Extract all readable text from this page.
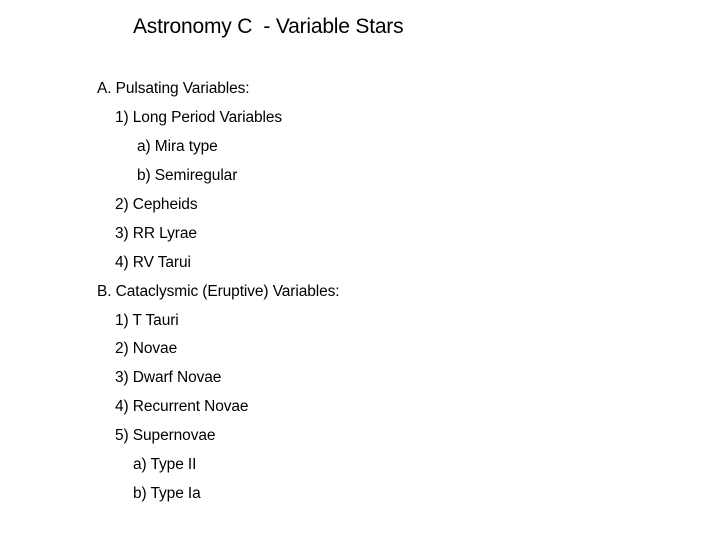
Astronomy C  - Variable Stars
A. Pulsating Variables:
1) Long Period Variables
a) Mira type
b) Semiregular
2) Cepheids
3) RR Lyrae
4) RV Tarui
B. Cataclysmic (Eruptive) Variables:
1) T Tauri
2) Novae
3) Dwarf Novae
4) Recurrent Novae
5) Supernovae
a) Type II
b) Type Ia
